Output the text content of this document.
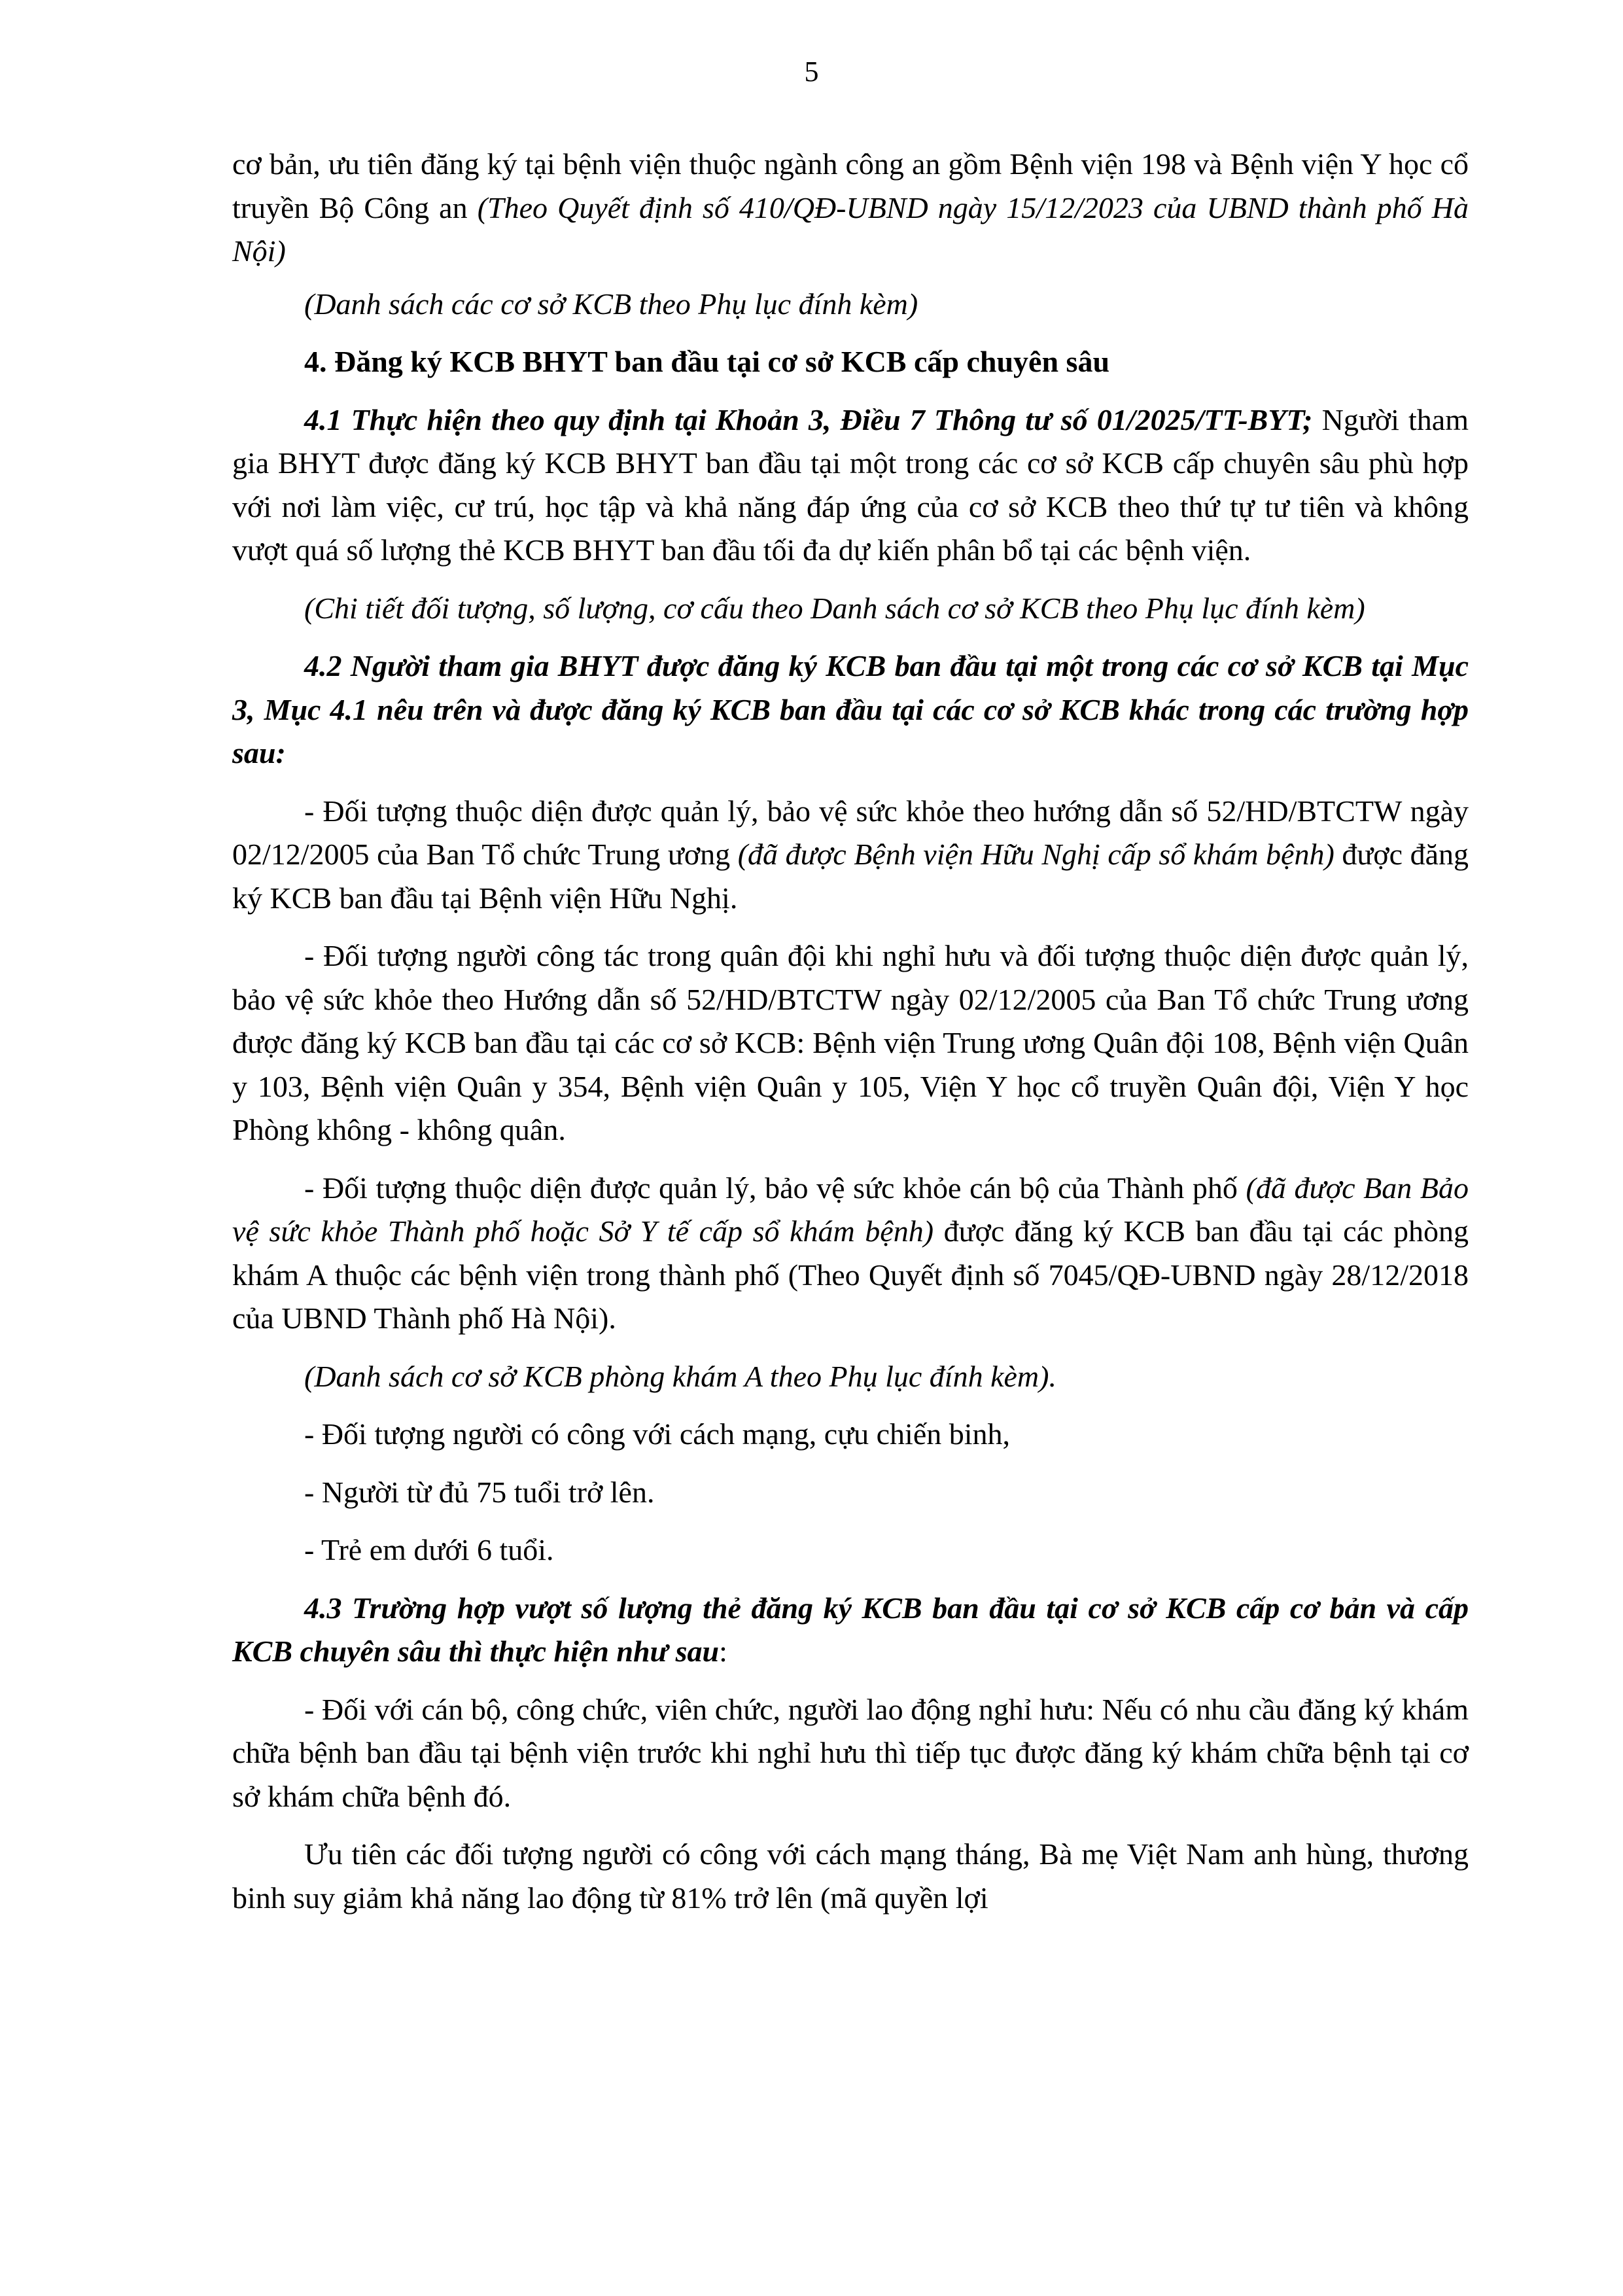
5

cơ bản, ưu tiên đăng ký tại bệnh viện thuộc ngành công an gồm Bệnh viện 198 và Bệnh viện Y học cổ truyền Bộ Công an (Theo Quyết định số 410/QĐ-UBND ngày 15/12/2023 của UBND thành phố Hà Nội)

(Danh sách các cơ sở KCB theo Phụ lục đính kèm)

4. Đăng ký KCB BHYT ban đầu tại cơ sở KCB cấp chuyên sâu

4.1 Thực hiện theo quy định tại Khoản 3, Điều 7 Thông tư số 01/2025/TT-BYT; Người tham gia BHYT được đăng ký KCB BHYT ban đầu tại một trong các cơ sở KCB cấp chuyên sâu phù hợp với nơi làm việc, cư trú, học tập và khả năng đáp ứng của cơ sở KCB theo thứ tự tư tiên và không vượt quá số lượng thẻ KCB BHYT ban đầu tối đa dự kiến phân bổ tại các bệnh viện.

(Chi tiết đối tượng, số lượng, cơ cấu theo Danh sách cơ sở KCB theo Phụ lục đính kèm)

4.2 Người tham gia BHYT được đăng ký KCB ban đầu tại một trong các cơ sở KCB tại Mục 3, Mục 4.1 nêu trên và được đăng ký KCB ban đầu tại các cơ sở KCB khác trong các trường hợp sau:

- Đối tượng thuộc diện được quản lý, bảo vệ sức khỏe theo hướng dẫn số 52/HD/BTCTW ngày 02/12/2005 của Ban Tổ chức Trung ương (đã được Bệnh viện Hữu Nghị cấp sổ khám bệnh) được đăng ký KCB ban đầu tại Bệnh viện Hữu Nghị.

- Đối tượng người công tác trong quân đội khi nghỉ hưu và đối tượng thuộc diện được quản lý, bảo vệ sức khỏe theo Hướng dẫn số 52/HD/BTCTW ngày 02/12/2005 của Ban Tổ chức Trung ương được đăng ký KCB ban đầu tại các cơ sở KCB: Bệnh viện Trung ương Quân đội 108, Bệnh viện Quân y 103, Bệnh viện Quân y 354, Bệnh viện Quân y 105, Viện Y học cổ truyền Quân đội, Viện Y học Phòng không - không quân.

- Đối tượng thuộc diện được quản lý, bảo vệ sức khỏe cán bộ của Thành phố (đã được Ban Bảo vệ sức khỏe Thành phố hoặc Sở Y tế cấp sổ khám bệnh) được đăng ký KCB ban đầu tại các phòng khám A thuộc các bệnh viện trong thành phố (Theo Quyết định số 7045/QĐ-UBND ngày 28/12/2018 của UBND Thành phố Hà Nội).

(Danh sách cơ sở KCB phòng khám A theo Phụ lục đính kèm).

- Đối tượng người có công với cách mạng, cựu chiến binh,

- Người từ đủ 75 tuổi trở lên.

- Trẻ em dưới 6 tuổi.

4.3 Trường hợp vượt số lượng thẻ đăng ký KCB ban đầu tại cơ sở KCB cấp cơ bản và cấp KCB chuyên sâu thì thực hiện như sau:

- Đối với cán bộ, công chức, viên chức, người lao động nghỉ hưu: Nếu có nhu cầu đăng ký khám chữa bệnh ban đầu tại bệnh viện trước khi nghỉ hưu thì tiếp tục được đăng ký khám chữa bệnh tại cơ sở khám chữa bệnh đó.

Ưu tiên các đối tượng người có công với cách mạng tháng, Bà mẹ Việt Nam anh hùng, thương binh suy giảm khả năng lao động từ 81% trở lên (mã quyền lợi
